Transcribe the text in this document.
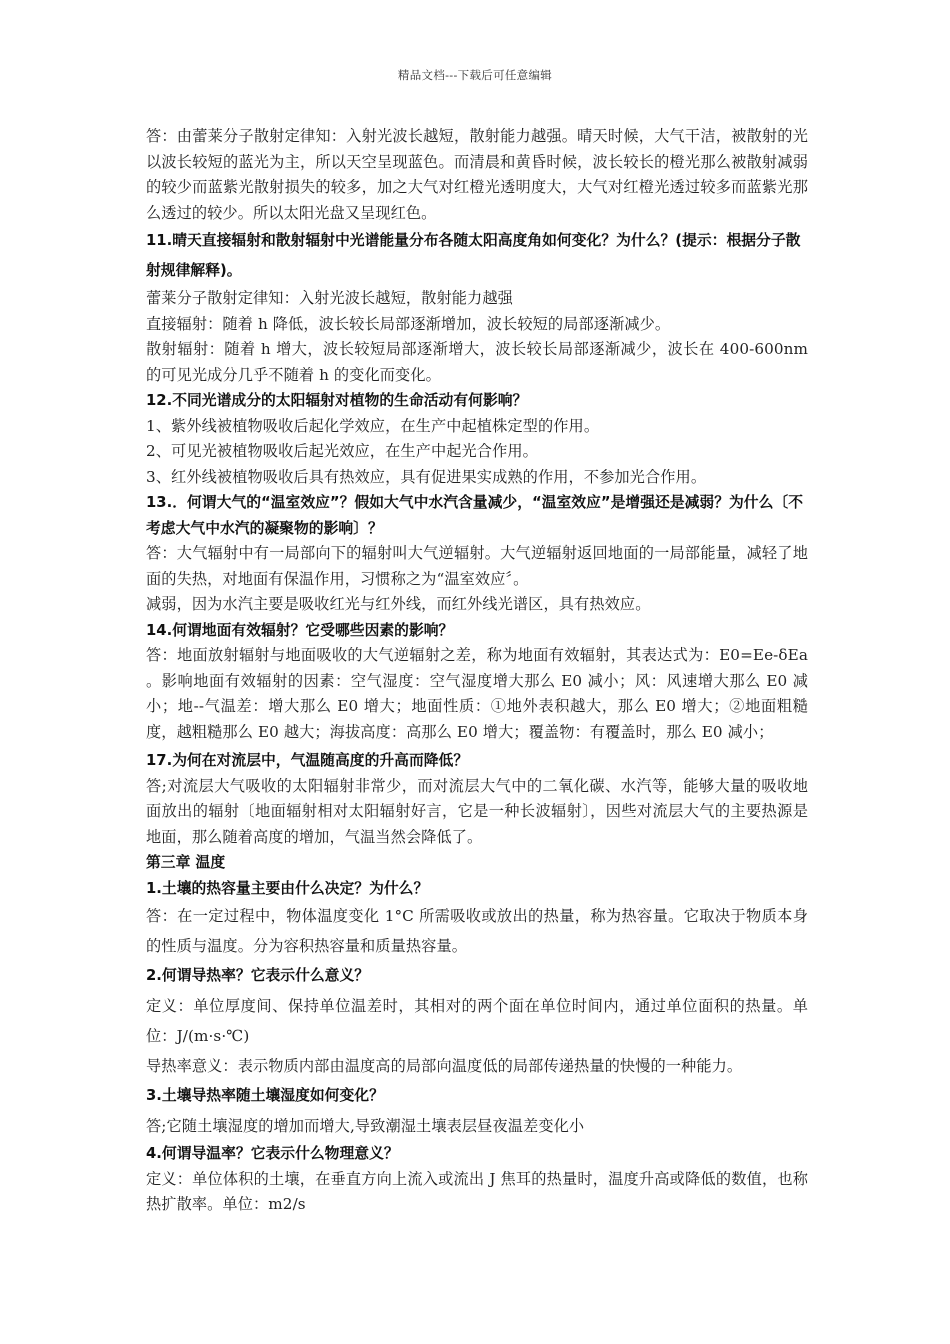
精品文档---下载后可任意编辑

答：由蕾莱分子散射定律知：入射光波长越短，散射能力越强。晴天时候，大气干洁，被散射的光以波长较短的蓝光为主，所以天空呈现蓝色。而清晨和黄昏时候，波长较长的橙光那么被散射减弱的较少而蓝紫光散射损失的较多，加之大气对红橙光透明度大，大气对红橙光透过较多而蓝紫光那么透过的较少。所以太阳光盘又呈现红色。

11.晴天直接辐射和散射辐射中光谱能量分布各随太阳高度角如何变化？为什么？(提示：根据分子散射规律解释)。

蕾莱分子散射定律知：入射光波长越短，散射能力越强

直接辐射：随着 h 降低，波长较长局部逐渐增加，波长较短的局部逐渐减少。

散射辐射：随着 h 增大，波长较短局部逐渐增大，波长较长局部逐渐减少，波长在 400-600nm 的可见光成分几乎不随着 h 的变化而变化。

12.不同光谱成分的太阳辐射对植物的生命活动有何影响？

1、紫外线被植物吸收后起化学效应，在生产中起植株定型的作用。

2、可见光被植物吸收后起光效应，在生产中起光合作用。

3、红外线被植物吸收后具有热效应，具有促进果实成熟的作用，不参加光合作用。

13.．何谓大气的“温室效应”？假如大气中水汽含量减少，“温室效应”是增强还是减弱？为什么〔不考虑大气中水汽的凝聚物的影响〕？

答：大气辐射中有一局部向下的辐射叫大气逆辐射。大气逆辐射返回地面的一局部能量，减轻了地面的失热，对地面有保温作用，习惯称之为“温室效应〞。

减弱，因为水汽主要是吸收红光与红外线，而红外线光谱区，具有热效应。

14.何谓地面有效辐射？它受哪些因素的影响？

答：地面放射辐射与地面吸收的大气逆辐射之差，称为地面有效辐射，其表达式为：E0=Ee-δEa 。影响地面有效辐射的因素：空气湿度：空气湿度增大那么 E0 减小；风：风速增大那么 E0 减小；地--气温差：增大那么 E0 增大；地面性质：①地外表积越大，那么 E0 增大；②地面粗糙度，越粗糙那么 E0 越大；海拔高度：高那么 E0 增大；覆盖物：有覆盖时，那么 E0 减小；

17.为何在对流层中，气温随高度的升高而降低？

答;对流层大气吸收的太阳辐射非常少，而对流层大气中的二氧化碳、水汽等，能够大量的吸收地面放出的辐射〔地面辐射相对太阳辐射好言，它是一种长波辐射〕，因些对流层大气的主要热源是地面，那么随着高度的增加，气温当然会降低了。

第三章 温度

1.土壤的热容量主要由什么决定？为什么？

答：在一定过程中，物体温度变化 1°C 所需吸收或放出的热量，称为热容量。它取决于物质本身的性质与温度。分为容积热容量和质量热容量。

2.何谓导热率？它表示什么意义？

定义：单位厚度间、保持单位温差时，其相对的两个面在单位时间内，通过单位面积的热量。单位：J/(m·s·℃)

导热率意义：表示物质内部由温度高的局部向温度低的局部传递热量的快慢的一种能力。

3.土壤导热率随土壤湿度如何变化？

答;它随土壤湿度的增加而增大,导致潮湿土壤表层昼夜温差变化小

4.何谓导温率？它表示什么物理意义？

定义：单位体积的土壤，在垂直方向上流入或流出 J 焦耳的热量时，温度升高或降低的数值，也称热扩散率。单位：m2/s
